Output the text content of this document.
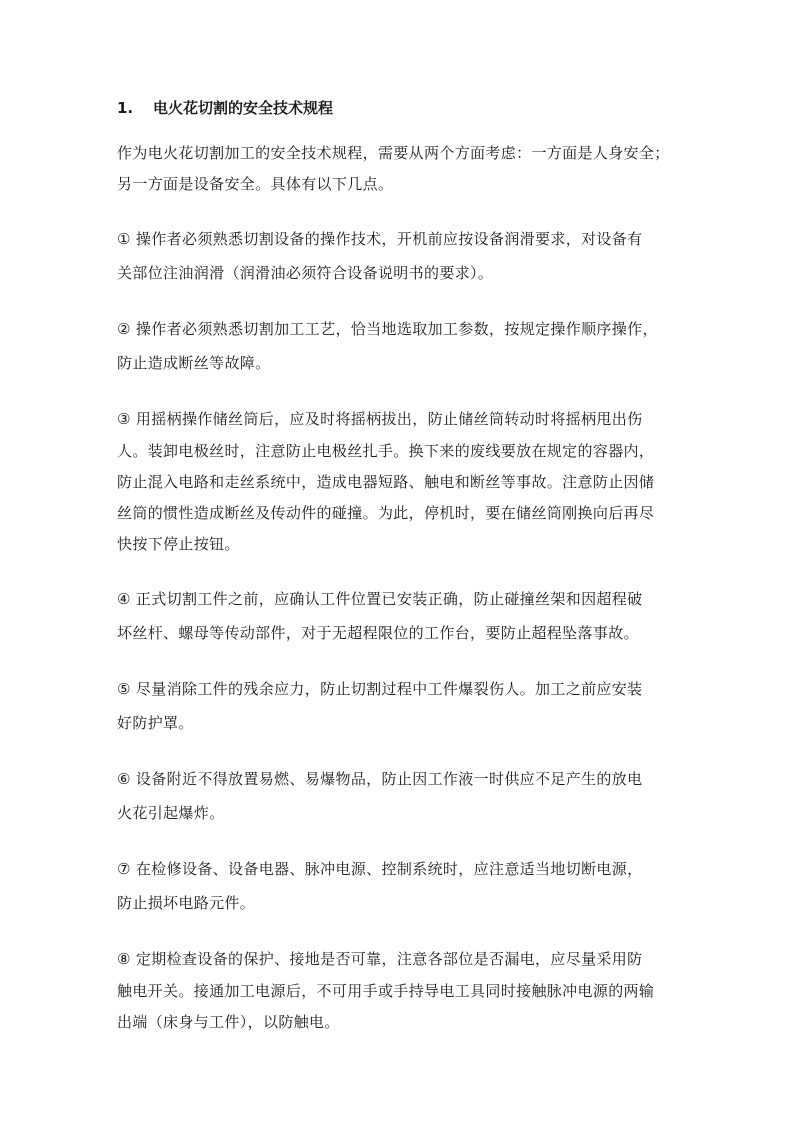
1. 电火花切割的安全技术规程
作为电火花切割加工的安全技术规程，需要从两个方面考虑：一方面是人身安全；
另一方面是设备安全。具体有以下几点。
① 操作者必须熟悉切割设备的操作技术，开机前应按设备润滑要求，对设备有
关部位注油润滑（润滑油必须符合设备说明书的要求）。
② 操作者必须熟悉切割加工工艺，恰当地选取加工参数，按规定操作顺序操作，
防止造成断丝等故障。
③ 用摇柄操作储丝筒后，应及时将摇柄拔出，防止储丝筒转动时将摇柄甩出伤
人。装卸电极丝时，注意防止电极丝扎手。换下来的废线要放在规定的容器内，
防止混入电路和走丝系统中，造成电器短路、触电和断丝等事故。注意防止因储
丝筒的惯性造成断丝及传动件的碰撞。为此，停机时，要在储丝筒刚换向后再尽
快按下停止按钮。
④ 正式切割工件之前，应确认工件位置已安装正确，防止碰撞丝架和因超程破
坏丝杆、螺母等传动部件，对于无超程限位的工作台，要防止超程坠落事故。
⑤ 尽量消除工件的残余应力，防止切割过程中工件爆裂伤人。加工之前应安装
好防护罩。
⑥ 设备附近不得放置易燃、易爆物品，防止因工作液一时供应不足产生的放电
火花引起爆炸。
⑦ 在检修设备、设备电器、脉冲电源、控制系统时，应注意适当地切断电源，
防止损坏电路元件。
⑧ 定期检查设备的保护、接地是否可靠，注意各部位是否漏电，应尽量采用防
触电开关。接通加工电源后，不可用手或手持导电工具同时接触脉冲电源的两输
出端（床身与工件），以防触电。
